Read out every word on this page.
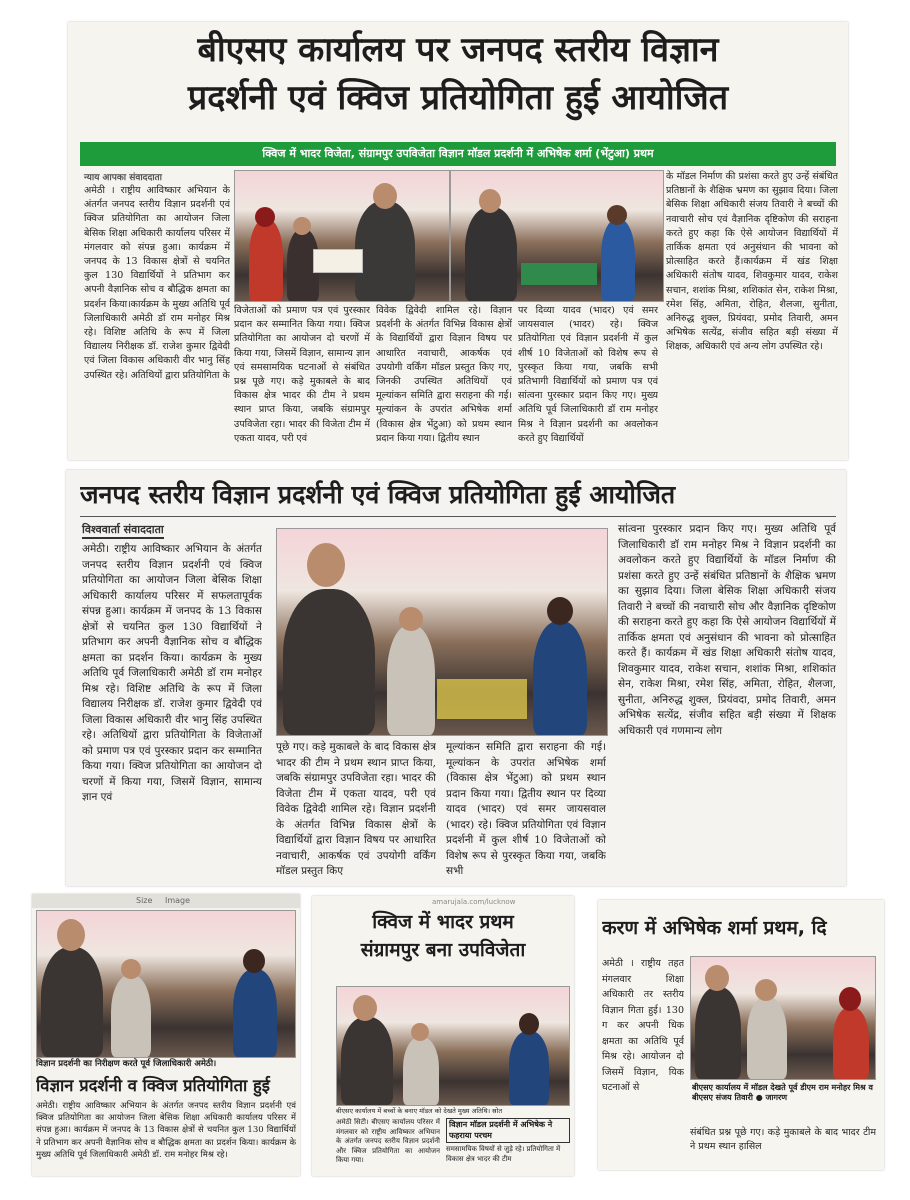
बीएसए कार्यालय पर जनपद स्तरीय विज्ञान
प्रदर्शनी एवं क्विज प्रतियोगिता हुई आयोजित
क्विज में भादर विजेता, संग्रामपुर उपविजेता विज्ञान मॉडल प्रदर्शनी में अभिषेक शर्मा (भेंटुआ) प्रथम
न्याय आपका संवाददाता
अमेठी । राष्ट्रीय आविष्कार अभियान के अंतर्गत जनपद स्तरीय विज्ञान प्रदर्शनी एवं क्विज प्रतियोगिता का आयोजन जिला बेसिक शिक्षा अधिकारी कार्यालय परिसर में मंगलवार को संपन्न हुआ। कार्यक्रम में जनपद के 13 विकास क्षेत्रों से चयनित कुल 130 विद्यार्थियों ने प्रतिभाग कर अपनी वैज्ञानिक सोच व बौद्धिक क्षमता का प्रदर्शन किया।कार्यक्रम के मुख्य अतिथि पूर्व जिलाधिकारी अमेठी डॉ राम मनोहर मिश्र रहे। विशिष्ट अतिथि के रूप में जिला विद्यालय निरीक्षक डॉ. राजेश कुमार द्विवेदी एवं जिला विकास अधिकारी वीर भानु सिंह उपस्थित रहे। अतिथियों द्वारा प्रतियोगिता के
विजेताओं को प्रमाण पत्र एवं पुरस्कार प्रदान कर सम्मानित किया गया। क्विज प्रतियोगिता का आयोजन दो चरणों में किया गया, जिसमें विज्ञान, सामान्य ज्ञान एवं समसामयिक घटनाओं से संबंधित प्रश्न पूछे गए। कड़े मुकाबले के बाद विकास क्षेत्र भादर की टीम ने प्रथम स्थान प्राप्त किया, जबकि संग्रामपुर उपविजेता रहा। भादर की विजेता टीम में एकता यादव, परी एवं
विवेक द्विवेदी शामिल रहे। विज्ञान प्रदर्शनी के अंतर्गत विभिन्न विकास क्षेत्रों के विद्यार्थियों द्वारा विज्ञान विषय पर आधारित नवाचारी, आकर्षक एवं उपयोगी वर्किंग मॉडल प्रस्तुत किए गए, जिनकी उपस्थित अतिथियों एवं मूल्यांकन समिति द्वारा सराहना की गई। मूल्यांकन के उपरांत अभिषेक शर्मा (विकास क्षेत्र भेंटुआ) को प्रथम स्थान प्रदान किया गया। द्वितीय स्थान
पर दिव्या यादव (भादर) एवं समर जायसवाल (भादर) रहे। क्विज प्रतियोगिता एवं विज्ञान प्रदर्शनी में कुल शीर्ष 10 विजेताओं को विशेष रूप से पुरस्कृत किया गया, जबकि सभी प्रतिभागी विद्यार्थियों को प्रमाण पत्र एवं सांत्वना पुरस्कार प्रदान किए गए। मुख्य अतिथि पूर्व जिलाधिकारी डॉ राम मनोहर मिश्र ने विज्ञान प्रदर्शनी का अवलोकन करते हुए विद्यार्थियों
के मॉडल निर्माण की प्रशंसा करते हुए उन्हें संबंधित प्रतिष्ठानों के शैक्षिक भ्रमण का सुझाव दिया। जिला बेसिक शिक्षा अधिकारी संजय तिवारी ने बच्चों की नवाचारी सोच एवं वैज्ञानिक दृष्टिकोण की सराहना करते हुए कहा कि ऐसे आयोजन विद्यार्थियों में तार्किक क्षमता एवं अनुसंधान की भावना को प्रोत्साहित करते हैं।कार्यक्रम में खंड शिक्षा अधिकारी संतोष यादव, शिवकुमार यादव, राकेश सचान, शशांक मिश्रा, शशिकांत सेन, राकेश मिश्रा, रमेश सिंह, अमिता, रोहित, शैलजा, सुनीता, अनिरुद्ध शुक्ल, प्रियंवदा, प्रमोद तिवारी, अमन अभिषेक सत्येंद्र, संजीव सहित बड़ी संख्या में शिक्षक, अधिकारी एवं अन्य लोग उपस्थित रहे।
जनपद स्तरीय विज्ञान प्रदर्शनी एवं क्विज प्रतियोगिता हुई आयोजित
विश्ववार्ता संवाददाता
अमेठी। राष्ट्रीय आविष्कार अभियान के अंतर्गत जनपद स्तरीय विज्ञान प्रदर्शनी एवं क्विज प्रतियोगिता का आयोजन जिला बेसिक शिक्षा अधिकारी कार्यालय परिसर में सफलतापूर्वक संपन्न हुआ। कार्यक्रम में जनपद के 13 विकास क्षेत्रों से चयनित कुल 130 विद्यार्थियों ने प्रतिभाग कर अपनी वैज्ञानिक सोच व बौद्धिक क्षमता का प्रदर्शन किया। कार्यक्रम के मुख्य अतिथि पूर्व जिलाधिकारी अमेठी डॉ राम मनोहर मिश्र रहे। विशिष्ट अतिथि के रूप में जिला विद्यालय निरीक्षक डॉ. राजेश कुमार द्विवेदी एवं जिला विकास अधिकारी वीर भानु सिंह उपस्थित रहे। अतिथियों द्वारा प्रतियोगिता के विजेताओं को प्रमाण पत्र एवं पुरस्कार प्रदान कर सम्मानित किया गया। क्विज प्रतियोगिता का आयोजन दो चरणों में किया गया, जिसमें विज्ञान, सामान्य ज्ञान एवं
पूछे गए। कड़े मुकाबले के बाद विकास क्षेत्र भादर की टीम ने प्रथम स्थान प्राप्त किया, जबकि संग्रामपुर उपविजेता रहा। भादर की विजेता टीम में एकता यादव, परी एवं विवेक द्विवेदी शामिल रहे। विज्ञान प्रदर्शनी के अंतर्गत विभिन्न विकास क्षेत्रों के विद्यार्थियों द्वारा विज्ञान विषय पर आधारित नवाचारी, आकर्षक एवं उपयोगी वर्किंग मॉडल प्रस्तुत किए
मूल्यांकन समिति द्वारा सराहना की गई। मूल्यांकन के उपरांत अभिषेक शर्मा (विकास क्षेत्र भेंटुआ) को प्रथम स्थान प्रदान किया गया। द्वितीय स्थान पर दिव्या यादव (भादर) एवं समर जायसवाल (भादर) रहे। क्विज प्रतियोगिता एवं विज्ञान प्रदर्शनी में कुल शीर्ष 10 विजेताओं को विशेष रूप से पुरस्कृत किया गया, जबकि सभी
सांत्वना पुरस्कार प्रदान किए गए। मुख्य अतिथि पूर्व जिलाधिकारी डॉ राम मनोहर मिश्र ने विज्ञान प्रदर्शनी का अवलोकन करते हुए विद्यार्थियों के मॉडल निर्माण की प्रशंसा करते हुए उन्हें संबंधित प्रतिष्ठानों के शैक्षिक भ्रमण का सुझाव दिया। जिला बेसिक शिक्षा अधिकारी संजय तिवारी ने बच्चों की नवाचारी सोच और वैज्ञानिक दृष्टिकोण की सराहना करते हुए कहा कि ऐसे आयोजन विद्यार्थियों में तार्किक क्षमता एवं अनुसंधान की भावना को प्रोत्साहित करते हैं। कार्यक्रम में खंड शिक्षा अधिकारी संतोष यादव, शिवकुमार यादव, राकेश सचान, शशांक मिश्रा, शशिकांत सेन, राकेश मिश्रा, रमेश सिंह, अमिता, रोहित, शैलजा, सुनीता, अनिरुद्ध शुक्ल, प्रियंवदा, प्रमोद तिवारी, अमन अभिषेक सत्येंद्र, संजीव सहित बड़ी संख्या में शिक्षक अधिकारी एवं गणमान्य लोग
Size Image
विज्ञान प्रदर्शनी का निरीक्षण करते पूर्व जिलाधिकारी अमेठी।
विज्ञान प्रदर्शनी व क्विज प्रतियोगिता हुई
अमेठी। राष्ट्रीय आविष्कार अभियान के अंतर्गत जनपद स्तरीय विज्ञान प्रदर्शनी एवं क्विज प्रतियोगिता का आयोजन जिला बेसिक शिक्षा अधिकारी कार्यालय परिसर में संपन्न हुआ। कार्यक्रम में जनपद के 13 विकास क्षेत्रों से चयनित कुल 130 विद्यार्थियों ने प्रतिभाग कर अपनी वैज्ञानिक सोच व बौद्धिक क्षमता का प्रदर्शन किया। कार्यक्रम के मुख्य अतिथि पूर्व जिलाधिकारी अमेठी डॉ. राम मनोहर मिश्र रहे।
amarujala.com/lucknow
क्विज में भादर प्रथम
संग्रामपुर बना उपविजेता
बीएसए कार्यालय में बच्चों के बनाए मॉडल को देखते मुख्य अतिथि। स्रोत
अमेठी सिटी। बीएसए कार्यालय परिसर में मंगलवार को राष्ट्रीय आविष्कार अभियान के अंतर्गत जनपद स्तरीय विज्ञान प्रदर्शनी और क्विज प्रतियोगिता का आयोजन किया गया।
विज्ञान मॉडल प्रदर्शनी में अभिषेक ने फहराया परचम
समसामयिक विषयों से जुड़े रहे। प्रतियोगिता में विकास क्षेत्र भादर की टीम
करण में अभिषेक शर्मा प्रथम, दि
अमेठी । राष्ट्रीय तहत मंगलवार शिक्षा अधिकारी तर स्तरीय विज्ञान गिता हुई। 130 ग कर अपनी धिक क्षमता का अतिथि पूर्व मिश्र रहे। आयोजन दो जिसमें विज्ञान, यिक घटनाओं से	बीएसए कार्यालय में मॉडल देखते पूर्व डीएम राम मनोहर मिश्र व बीएसए संजय तिवारी ● जागरण
संबंधित प्रश्न पूछे गए। कड़े मुकाबले के बाद भादर टीम ने प्रथम स्थान हासिल
